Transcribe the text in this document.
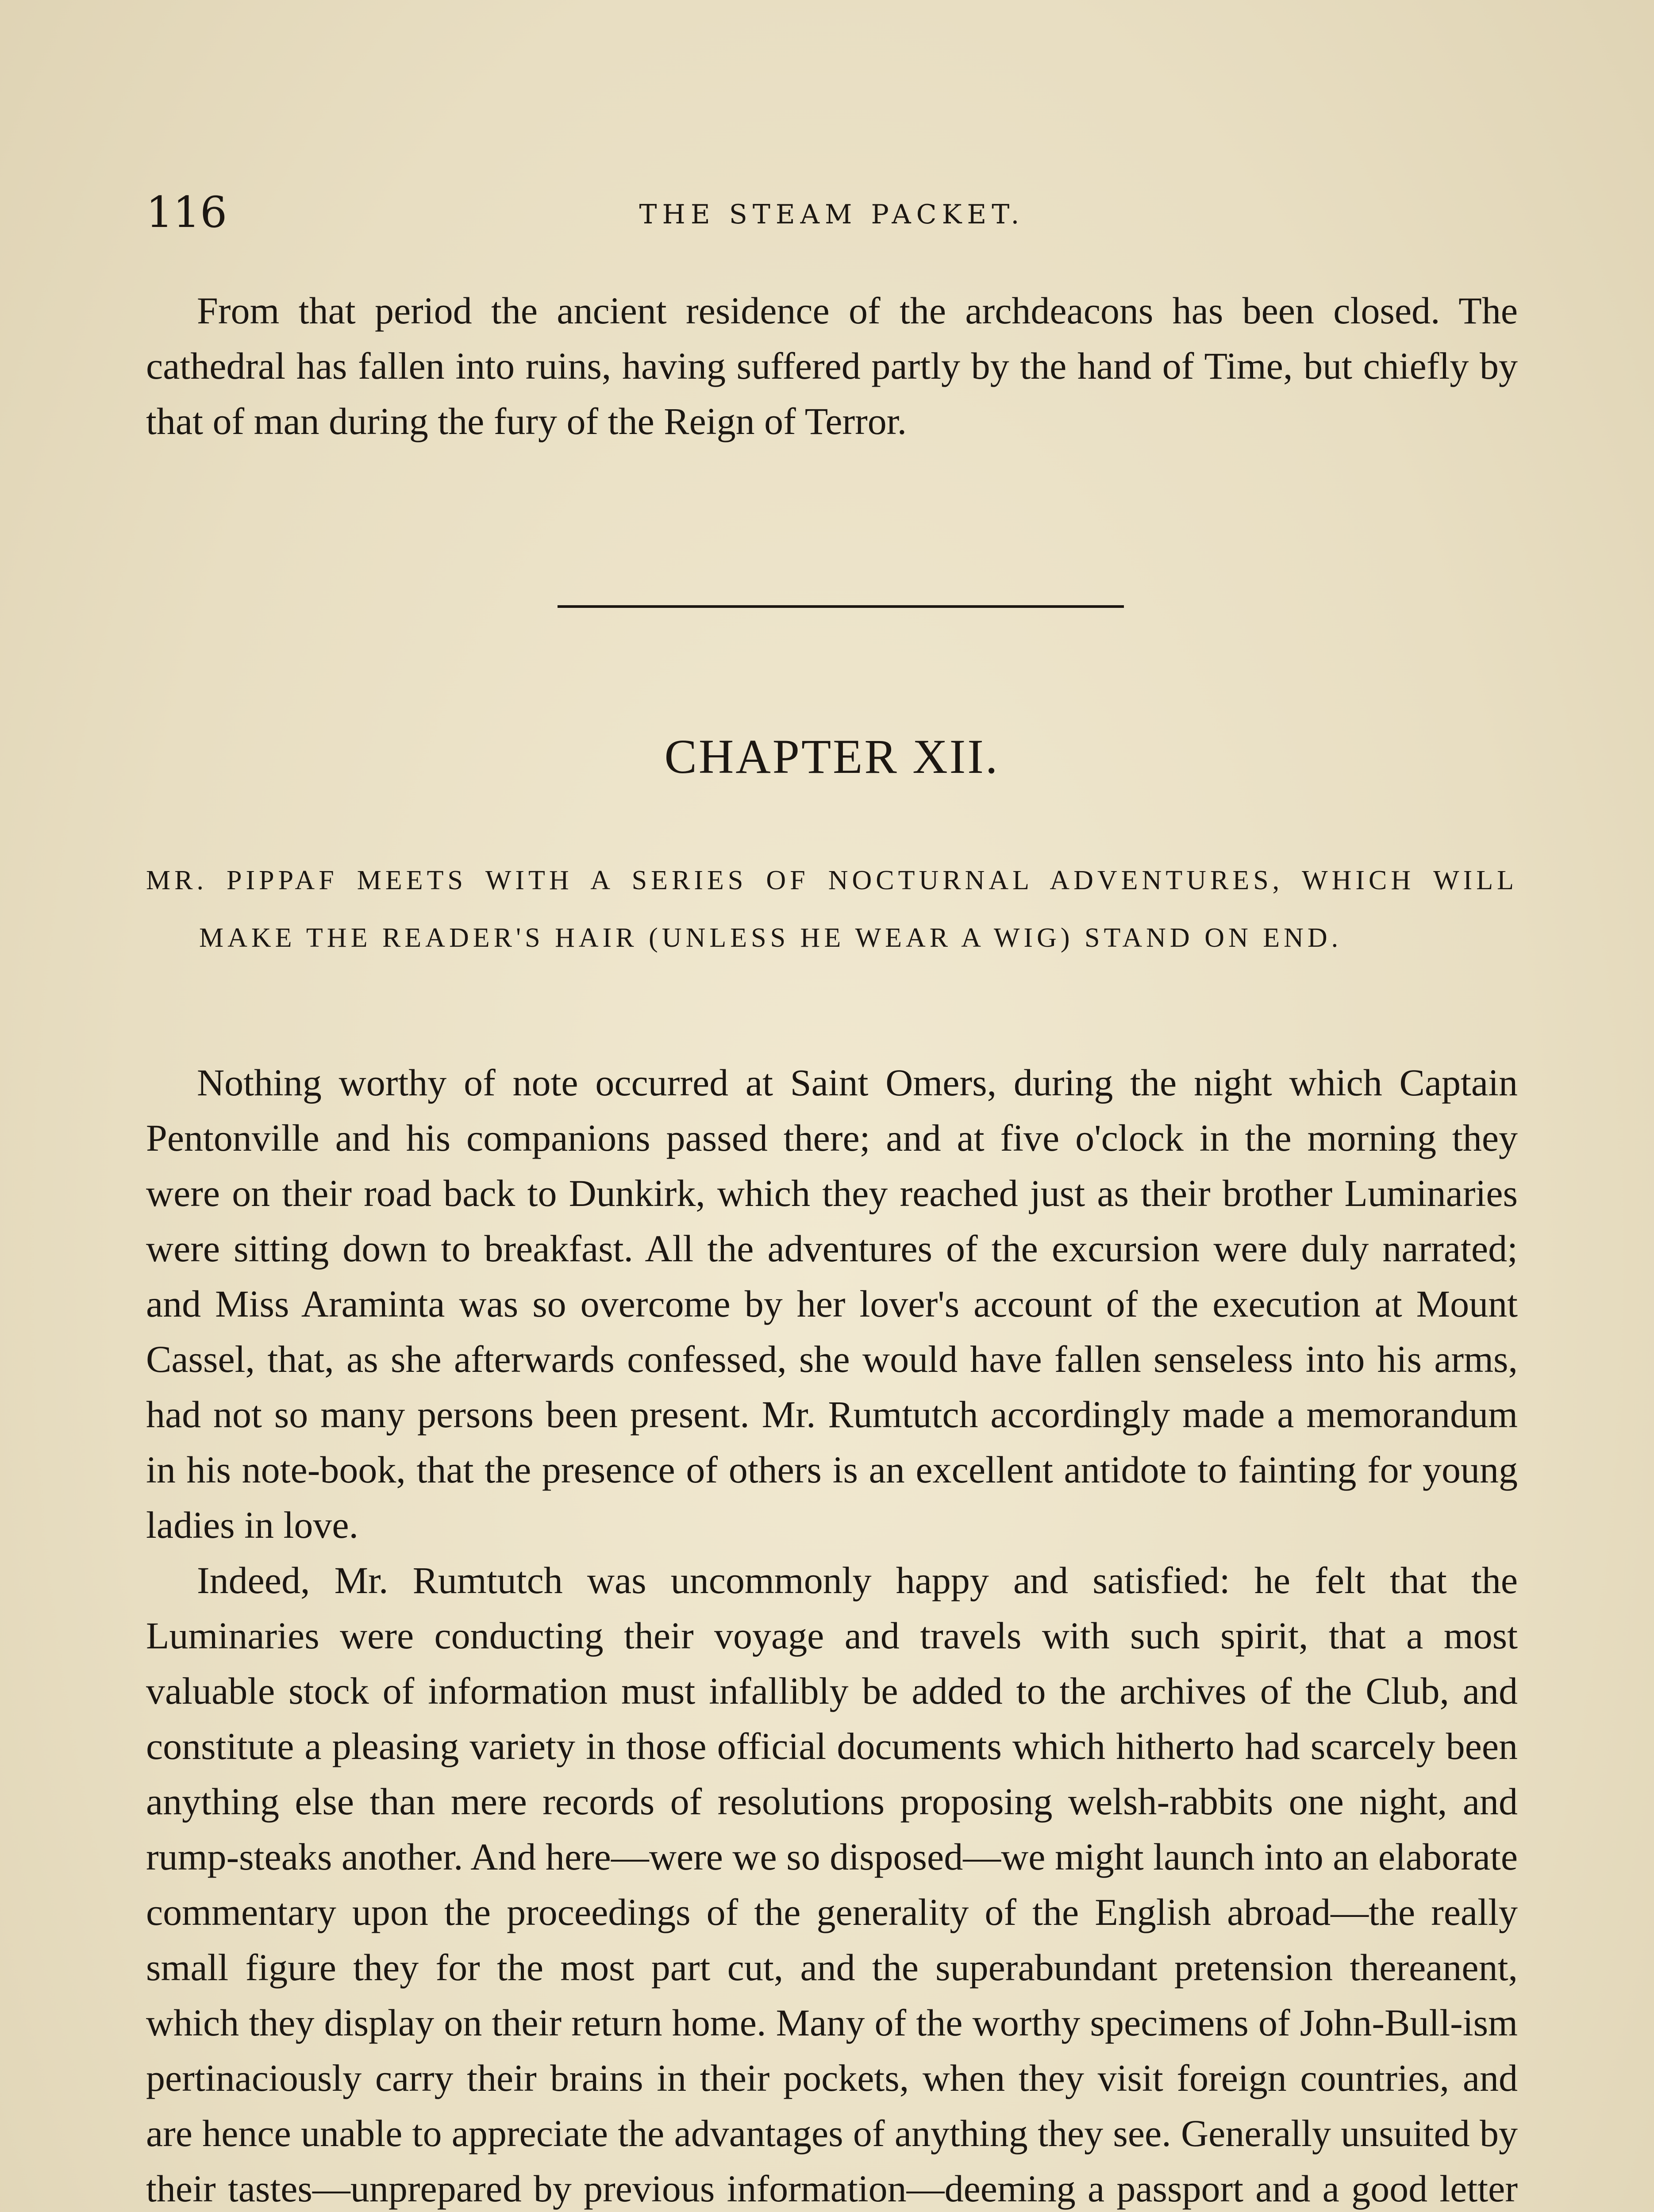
116	THE STEAM PACKET.

From that period the ancient residence of the archdeacons has been closed. The cathedral has fallen into ruins, having suffered partly by the hand of Time, but chiefly by that of man during the fury of the Reign of Terror.

CHAPTER XII.
MR. PIPPAF MEETS WITH A SERIES OF NOCTURNAL ADVENTURES, WHICH WILL MAKE THE READER'S HAIR (UNLESS HE WEAR A WIG) STAND ON END.

Nothing worthy of note occurred at Saint Omers, during the night which Captain Pentonville and his companions passed there; and at five o'clock in the morning they were on their road back to Dunkirk, which they reached just as their brother Luminaries were sitting down to breakfast. All the adventures of the excursion were duly narrated; and Miss Araminta was so overcome by her lover's account of the execution at Mount Cassel, that, as she afterwards confessed, she would have fallen senseless into his arms, had not so many persons been present. Mr. Rumtutch accordingly made a memorandum in his note-book, that the presence of others is an excellent antidote to fainting for young ladies in love.

Indeed, Mr. Rumtutch was uncommonly happy and satisfied: he felt that the Luminaries were conducting their voyage and travels with such spirit, that a most valuable stock of information must infallibly be added to the archives of the Club, and constitute a pleasing variety in those official documents which hitherto had scarcely been anything else than mere records of resolutions proposing welsh-rabbits one night, and rump-steaks another. And here—were we so disposed—we might launch into an elaborate commentary upon the proceedings of the generality of the English abroad—the really small figure they for the most part cut, and the superabundant pretension thereanent, which they display on their return home. Many of the worthy specimens of John-Bull-ism pertinaciously carry their brains in their pockets, when they visit foreign countries, and are hence unable to appreciate the advantages of anything they see. Generally unsuited by their tastes—unprepared by previous information—deeming a passport and a good letter
